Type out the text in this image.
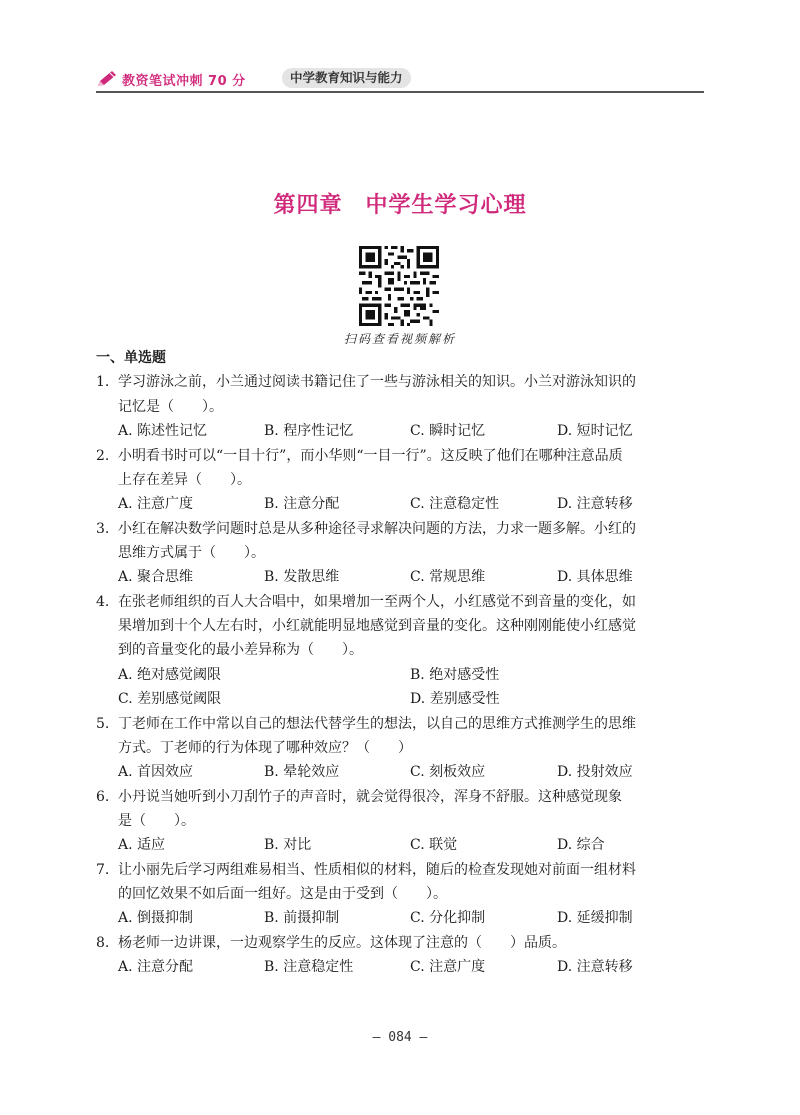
教资笔试冲刺 70 分	中学教育知识与能力
第四章　中学生学习心理
扫码查看视频解析
一、单选题
1. 学习游泳之前，小兰通过阅读书籍记住了一些与游泳相关的知识。小兰对游泳知识的
记忆是（　　）。
A. 陈述性记忆	B. 程序性记忆	C. 瞬时记忆	D. 短时记忆
2. 小明看书时可以“一目十行”，而小华则“一目一行”。这反映了他们在哪种注意品质
上存在差异（　　）。
A. 注意广度	B. 注意分配	C. 注意稳定性	D. 注意转移
3. 小红在解决数学问题时总是从多种途径寻求解决问题的方法，力求一题多解。小红的
思维方式属于（　　）。
A. 聚合思维	B. 发散思维	C. 常规思维	D. 具体思维
4. 在张老师组织的百人大合唱中，如果增加一至两个人，小红感觉不到音量的变化，如
果增加到十个人左右时，小红就能明显地感觉到音量的变化。这种刚刚能使小红感觉
到的音量变化的最小差异称为（　　）。
A. 绝对感觉阈限	B. 绝对感受性
C. 差别感觉阈限	D. 差别感受性
5. 丁老师在工作中常以自己的想法代替学生的想法，以自己的思维方式推测学生的思维
方式。丁老师的行为体现了哪种效应？（　　）
A. 首因效应	B. 晕轮效应	C. 刻板效应	D. 投射效应
6. 小丹说当她听到小刀刮竹子的声音时，就会觉得很冷，浑身不舒服。这种感觉现象
是（　　）。
A. 适应	B. 对比	C. 联觉	D. 综合
7. 让小丽先后学习两组难易相当、性质相似的材料，随后的检查发现她对前面一组材料
的回忆效果不如后面一组好。这是由于受到（　　）。
A. 倒摄抑制	B. 前摄抑制	C. 分化抑制	D. 延缓抑制
8. 杨老师一边讲课，一边观察学生的反应。这体现了注意的（　　）品质。
A. 注意分配	B. 注意稳定性	C. 注意广度	D. 注意转移
– 084 –
